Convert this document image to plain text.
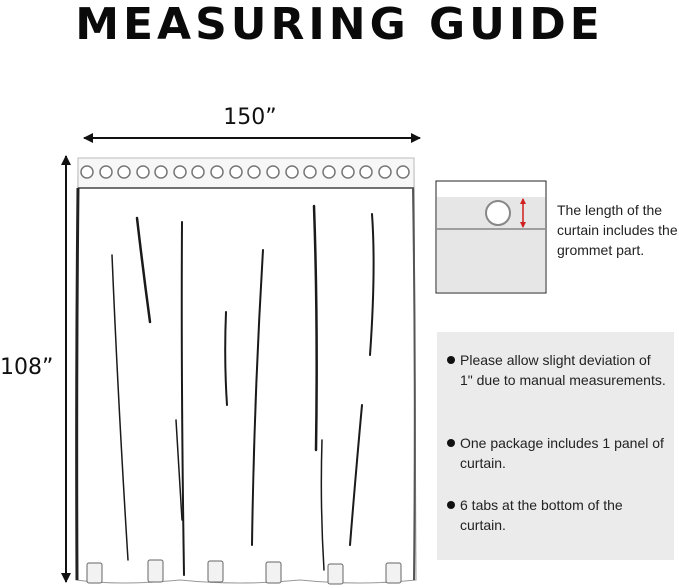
MEASURING GUIDE
150”
108”
The length of the curtain includes the grommet part.
Please allow slight deviation of 1" due to manual measurements.
One package includes 1 panel of curtain.
6 tabs at the bottom of the curtain.
